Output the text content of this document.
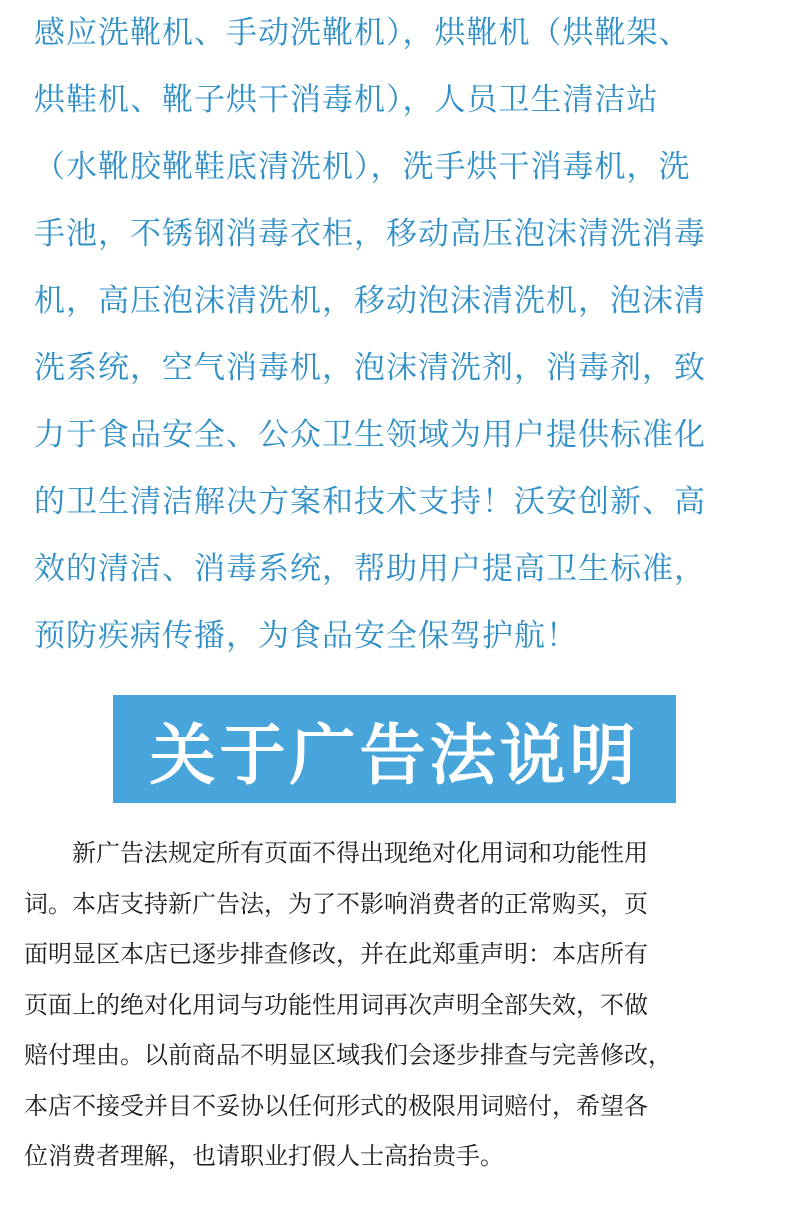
感应洗靴机、手动洗靴机），烘靴机（烘靴架、
烘鞋机、靴子烘干消毒机），人员卫生清洁站
（水靴胶靴鞋底清洗机），洗手烘干消毒机，洗
手池，不锈钢消毒衣柜，移动高压泡沫清洗消毒
机，高压泡沫清洗机，移动泡沫清洗机，泡沫清
洗系统，空气消毒机，泡沫清洗剂，消毒剂，致
力于食品安全、公众卫生领域为用户提供标准化
的卫生清洁解决方案和技术支持！沃安创新、高
效的清洁、消毒系统，帮助用户提高卫生标准，
预防疾病传播，为食品安全保驾护航！
关于广告法说明
　　新广告法规定所有页面不得出现绝对化用词和功能性用
词。本店支持新广告法，为了不影响消费者的正常购买，页
面明显区本店已逐步排查修改，并在此郑重声明：本店所有
页面上的绝对化用词与功能性用词再次声明全部失效，不做
赔付理由。以前商品不明显区域我们会逐步排查与完善修改，
本店不接受并目不妥协以任何形式的极限用词赔付，希望各
位消费者理解，也请职业打假人士高抬贵手。
